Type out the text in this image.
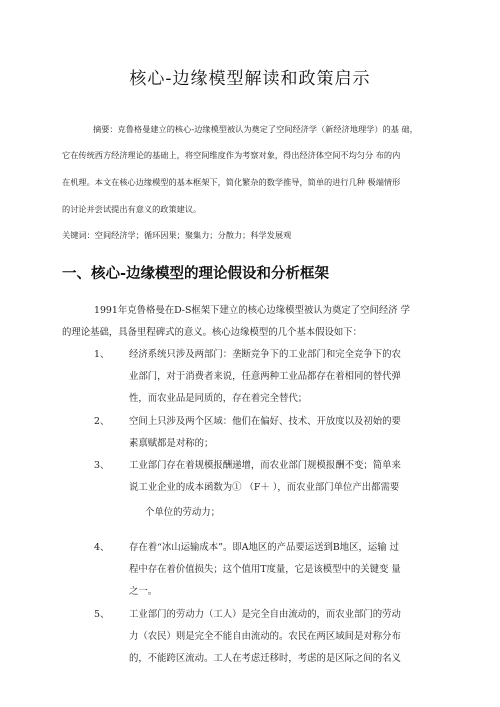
核心-边缘模型解读和政策启示
摘要：克鲁格曼建立的核心-边缘模型被认为奠定了空间经济学（新经济地理学）的基 础，
它在传统西方经济理论的基础上，将空间维度作为考察对象，得出经济体空间不均匀分 布的内
在机理。本文在核心边缘模型的基本框架下，简化繁杂的数学推导，简单的进行几种 极端情形
的讨论并尝试提出有意义的政策建议。
关键词：空间经济学；循环因果；聚集力；分散力；科学发展观
一、核心-边缘模型的理论假设和分析框架
1991年克鲁格曼在D-S框架下建立的核心边缘模型被认为奠定了空间经济 学
的理论基础，具备里程碑式的意义。核心边缘模型的几个基本假设如下：
1、 经济系统只涉及两部门：垄断竞争下的工业部门和完全竞争下的农
业部门，对于消费者来说，任意两种工业品都存在着相同的替代弹
性，而农业品是同质的，存在着完全替代；
2、 空间上只涉及两个区域：他们在偏好、技术、开放度以及初始的要
素禀赋都是对称的；
3、 工业部门存在着规模报酬递增，而农业部门规模报酬不变；简单来
说工业企业的成本函数为① （F＋ ），而农业部门单位产出都需要
个单位的劳动力；
4、 存在着“冰山运输成本”。即A地区的产品要运送到B地区，运输 过
程中存在着价值损失；这个值用T度量，它是该模型中的关键变 量
之一。
5、 工业部门的劳动力（工人）是完全自由流动的，而农业部门的劳动
力（农民）则是完全不能自由流动的。农民在两区域间是对称分布
的，不能跨区流动。工人在考虑迁移时，考虑的是区际之间的名义
